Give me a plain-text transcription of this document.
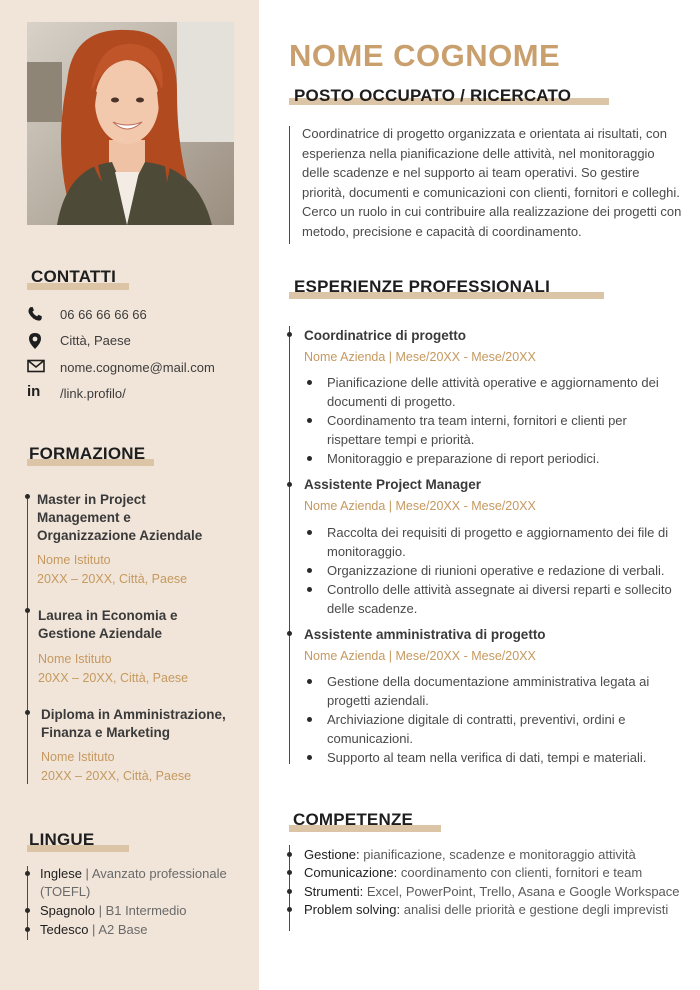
CONTATTI
06 66 66 66 66
Città, Paese
nome.cognome@mail.com
in /link.profilo/
FORMAZIONE
Master in Project Management e Organizzazione Aziendale
Nome Istituto
20XX – 20XX, Città, Paese
Laurea in Economia e Gestione Aziendale
Nome Istituto
20XX – 20XX, Città, Paese
Diploma in Amministrazione, Finanza e Marketing
Nome Istituto
20XX – 20XX, Città, Paese
LINGUE
Inglese | Avanzato professionale (TOEFL)
Spagnolo | B1 Intermedio
Tedesco | A2 Base
NOME COGNOME
POSTO OCCUPATO / RICERCATO
Coordinatrice di progetto organizzata e orientata ai risultati, con esperienza nella pianificazione delle attività, nel monitoraggio delle scadenze e nel supporto ai team operativi. So gestire priorità, documenti e comunicazioni con clienti, fornitori e colleghi. Cerco un ruolo in cui contribuire alla realizzazione dei progetti con metodo, precisione e capacità di coordinamento.
ESPERIENZE PROFESSIONALI
Coordinatrice di progetto
Nome Azienda | Mese/20XX - Mese/20XX
Pianificazione delle attività operative e aggiornamento dei documenti di progetto.
Coordinamento tra team interni, fornitori e clienti per rispettare tempi e priorità.
Monitoraggio e preparazione di report periodici.
Assistente Project Manager
Nome Azienda | Mese/20XX - Mese/20XX
Raccolta dei requisiti di progetto e aggiornamento dei file di monitoraggio.
Organizzazione di riunioni operative e redazione di verbali.
Controllo delle attività assegnate ai diversi reparti e sollecito delle scadenze.
Assistente amministrativa di progetto
Nome Azienda | Mese/20XX - Mese/20XX
Gestione della documentazione amministrativa legata ai progetti aziendali.
Archiviazione digitale di contratti, preventivi, ordini e comunicazioni.
Supporto al team nella verifica di dati, tempi e materiali.
COMPETENZE
Gestione: pianificazione, scadenze e monitoraggio attività
Comunicazione: coordinamento con clienti, fornitori e team
Strumenti: Excel, PowerPoint, Trello, Asana e Google Workspace
Problem solving: analisi delle priorità e gestione degli imprevisti
